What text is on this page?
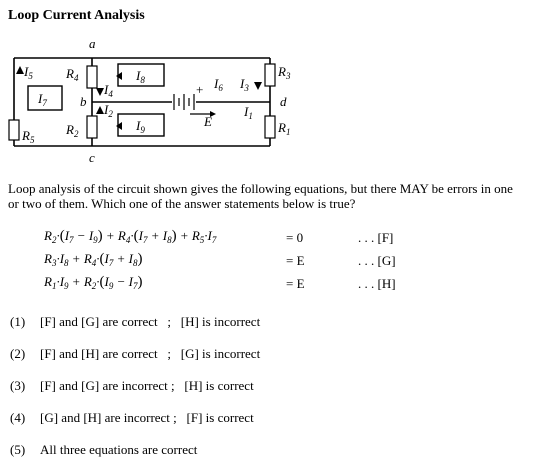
Loop Current Analysis
a
b
c
d
$R_4$
$R_2$
$R_5$
$R_3$
$R_1$
$I_5$
$I_7$
$I_4$
$I_2$
$I_8$
$I_9$
$I_6$ $I_3$
$I_1$
E
+
Loop analysis of the circuit shown gives the following equations, but there MAY be errors in one or two of them. Which one of the answer statements below is true?
$R_2\cdot(I_7 - I_9) + R_4\cdot(I_7 + I_8) + R_5\cdot I_7$	= 0	. . . [F]
$R_3\cdot I_8 + R_4\cdot(I_7 + I_8)$	= E	. . . [G]
$R_1\cdot I_9 + R_2\cdot(I_9 - I_7)$	= E	. . . [H]
(1) [F] and [G] are correct   ;   [H] is incorrect
(2) [F] and [H] are correct   ;   [G] is incorrect
(3) [F] and [G] are incorrect ;   [H] is correct
(4) [G] and [H] are incorrect ;   [F] is correct
(5) All three equations are correct
